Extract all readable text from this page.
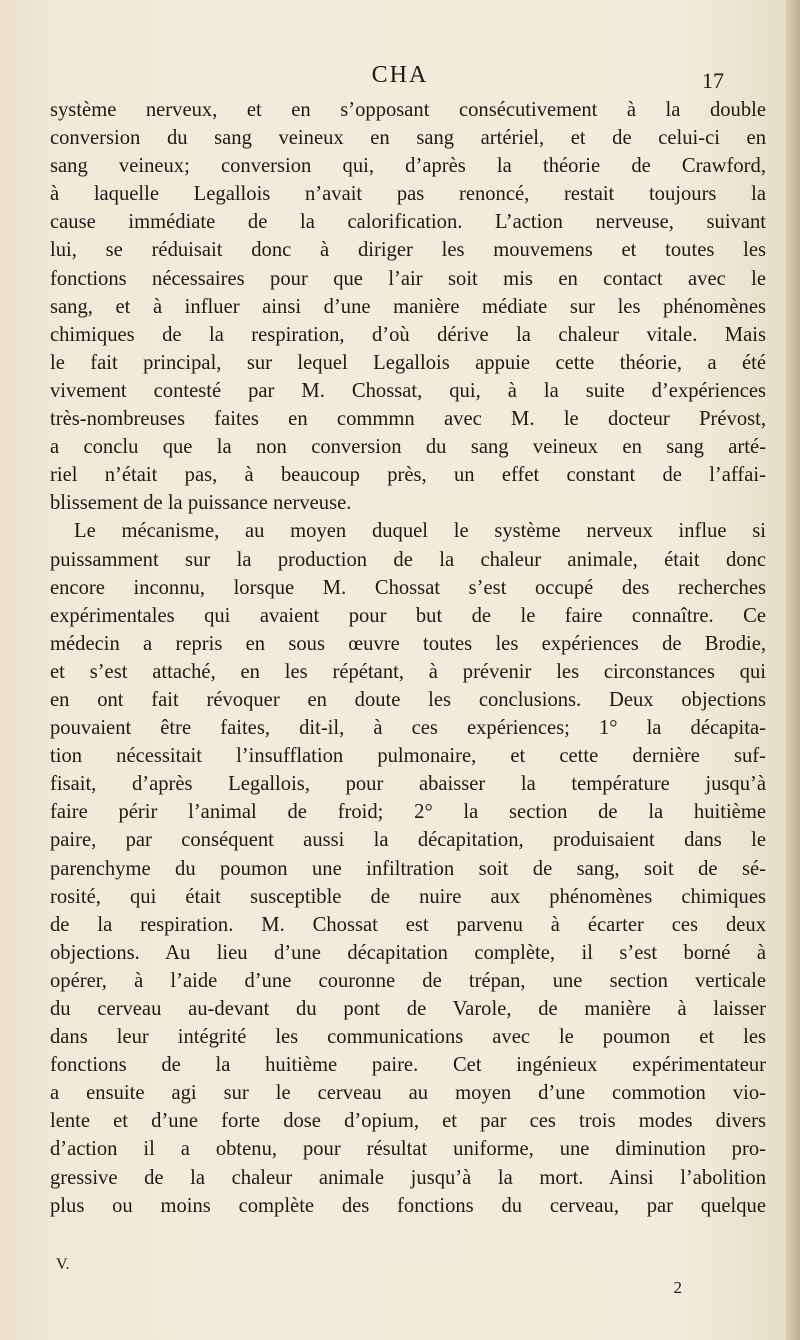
CHA	17
système nerveux, et en s’opposant consécutivement à la double
conversion du sang veineux en sang artériel, et de celui-ci en
sang veineux; conversion qui, d’après la théorie de Crawford,
à laquelle Legallois n’avait pas renoncé, restait toujours la
cause immédiate de la calorification. L’action nerveuse, suivant
lui, se réduisait donc à diriger les mouvemens et toutes les
fonctions nécessaires pour que l’air soit mis en contact avec le
sang, et à influer ainsi d’une manière médiate sur les phénomènes
chimiques de la respiration, d’où dérive la chaleur vitale. Mais
le fait principal, sur lequel Legallois appuie cette théorie, a été
vivement contesté par M. Chossat, qui, à la suite d’expériences
très-nombreuses faites en commmn avec M. le docteur Prévost,
a conclu que la non conversion du sang veineux en sang arté-
riel n’était pas, à beaucoup près, un effet constant de l’affai-
blissement de la puissance nerveuse.
Le mécanisme, au moyen duquel le système nerveux influe si
puissamment sur la production de la chaleur animale, était donc
encore inconnu, lorsque M. Chossat s’est occupé des recherches
expérimentales qui avaient pour but de le faire connaître. Ce
médecin a repris en sous œuvre toutes les expériences de Brodie,
et s’est attaché, en les répétant, à prévenir les circonstances qui
en ont fait révoquer en doute les conclusions. Deux objections
pouvaient être faites, dit-il, à ces expériences; 1° la décapita-
tion nécessitait l’insufflation pulmonaire, et cette dernière suf-
fisait, d’après Legallois, pour abaisser la température jusqu’à
faire périr l’animal de froid; 2° la section de la huitième
paire, par conséquent aussi la décapitation, produisaient dans le
parenchyme du poumon une infiltration soit de sang, soit de sé-
rosité, qui était susceptible de nuire aux phénomènes chimiques
de la respiration. M. Chossat est parvenu à écarter ces deux
objections. Au lieu d’une décapitation complète, il s’est borné à
opérer, à l’aide d’une couronne de trépan, une section verticale
du cerveau au-devant du pont de Varole, de manière à laisser
dans leur intégrité les communications avec le poumon et les
fonctions de la huitième paire. Cet ingénieux expérimentateur
a ensuite agi sur le cerveau au moyen d’une commotion vio-
lente et d’une forte dose d’opium, et par ces trois modes divers
d’action il a obtenu, pour résultat uniforme, une diminution pro-
gressive de la chaleur animale jusqu’à la mort. Ainsi l’abolition
plus ou moins complète des fonctions du cerveau, par quelque
V.
2
